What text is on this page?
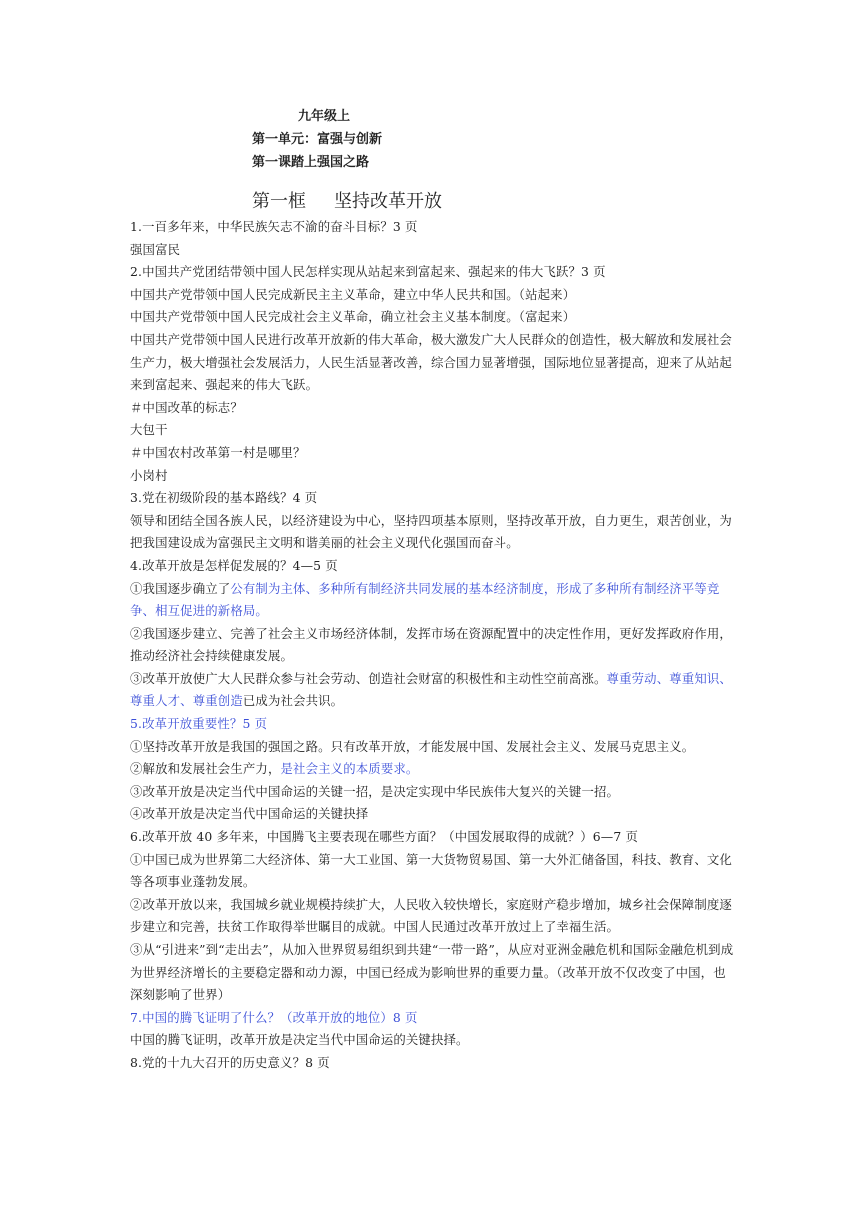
九年级上
第一单元：富强与创新
第一课踏上强国之路
第一框 坚持改革开放

1.一百多年来，中华民族矢志不渝的奋斗目标？3 页

强国富民

2.中国共产党团结带领中国人民怎样实现从站起来到富起来、强起来的伟大飞跃？3 页

中国共产党带领中国人民完成新民主主义革命，建立中华人民共和国。（站起来）

中国共产党带领中国人民完成社会主义革命，确立社会主义基本制度。（富起来）

中国共产党带领中国人民进行改革开放新的伟大革命，极大激发广大人民群众的创造性，极大解放和发展社会生产力，极大增强社会发展活力，人民生活显著改善，综合国力显著增强，国际地位显著提高，迎来了从站起来到富起来、强起来的伟大飞跃。

＃中国改革的标志？

大包干

＃中国农村改革第一村是哪里？

小岗村

3.党在初级阶段的基本路线？4 页

领导和团结全国各族人民，以经济建设为中心，坚持四项基本原则，坚持改革开放，自力更生，艰苦创业，为把我国建设成为富强民主文明和谐美丽的社会主义现代化强国而奋斗。

4.改革开放是怎样促发展的？4—5 页

①我国逐步确立了公有制为主体、多种所有制经济共同发展的基本经济制度，形成了多种所有制经济平等竞争、相互促进的新格局。

②我国逐步建立、完善了社会主义市场经济体制，发挥市场在资源配置中的决定性作用，更好发挥政府作用，推动经济社会持续健康发展。

③改革开放使广大人民群众参与社会劳动、创造社会财富的积极性和主动性空前高涨。尊重劳动、尊重知识、尊重人才、尊重创造已成为社会共识。

5.改革开放重要性？5 页

①坚持改革开放是我国的强国之路。只有改革开放，才能发展中国、发展社会主义、发展马克思主义。

②解放和发展社会生产力，是社会主义的本质要求。

③改革开放是决定当代中国命运的关键一招，是决定实现中华民族伟大复兴的关键一招。

④改革开放是决定当代中国命运的关键抉择

6.改革开放 40 多年来，中国腾飞主要表现在哪些方面？（中国发展取得的成就？）6—7 页

①中国已成为世界第二大经济体、第一大工业国、第一大货物贸易国、第一大外汇储备国，科技、教育、文化等各项事业蓬勃发展。

②改革开放以来，我国城乡就业规模持续扩大，人民收入较快增长，家庭财产稳步增加，城乡社会保障制度逐步建立和完善，扶贫工作取得举世瞩目的成就。中国人民通过改革开放过上了幸福生活。

③从“引进来”到“走出去”，从加入世界贸易组织到共建“一带一路”，从应对亚洲金融危机和国际金融危机到成为世界经济增长的主要稳定器和动力源，中国已经成为影响世界的重要力量。（改革开放不仅改变了中国，也深刻影响了世界）

7.中国的腾飞证明了什么？（改革开放的地位）8 页

中国的腾飞证明，改革开放是决定当代中国命运的关键抉择。

8.党的十九大召开的历史意义？8 页
